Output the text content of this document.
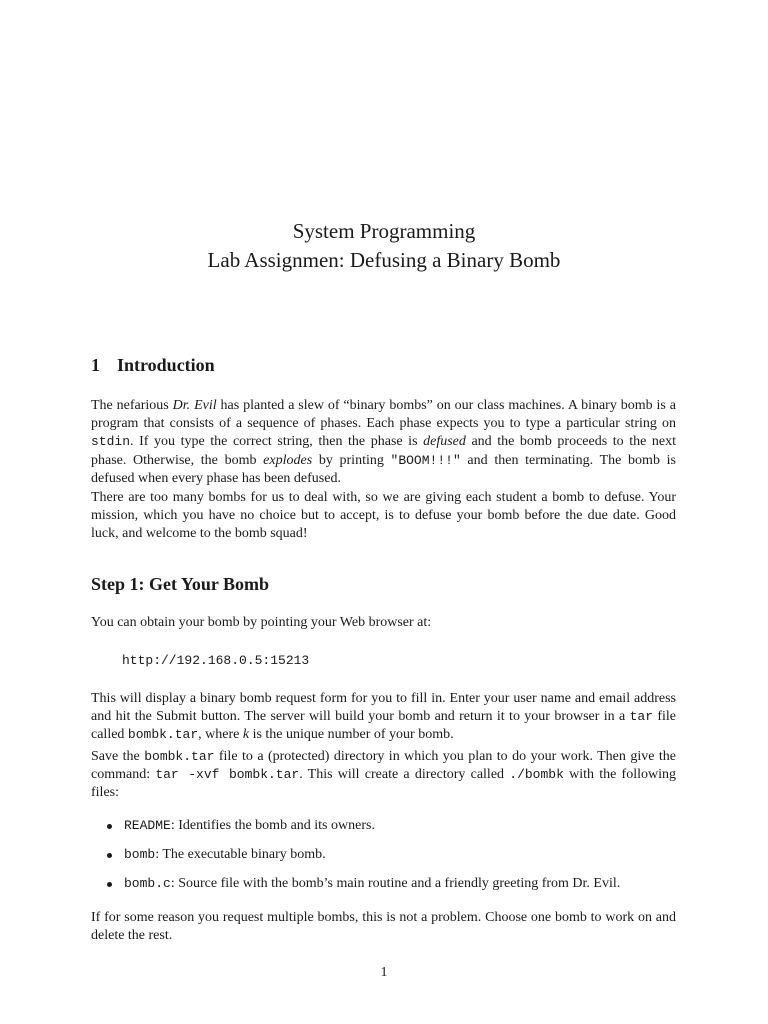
System Programming
Lab Assignmen: Defusing a Binary Bomb
1 Introduction

The nefarious Dr. Evil has planted a slew of “binary bombs” on our class machines. A binary bomb is a program that consists of a sequence of phases. Each phase expects you to type a particular string on stdin. If you type the correct string, then the phase is defused and the bomb proceeds to the next phase. Otherwise, the bomb explodes by printing "BOOM!!!" and then terminating. The bomb is defused when every phase has been defused.

There are too many bombs for us to deal with, so we are giving each student a bomb to defuse. Your mission, which you have no choice but to accept, is to defuse your bomb before the due date. Good luck, and welcome to the bomb squad!

Step 1: Get Your Bomb

You can obtain your bomb by pointing your Web browser at:

http://192.168.0.5:15213

This will display a binary bomb request form for you to fill in. Enter your user name and email address and hit the Submit button. The server will build your bomb and return it to your browser in a tar file called bombk.tar, where k is the unique number of your bomb.

Save the bombk.tar file to a (protected) directory in which you plan to do your work. Then give the command: tar -xvf bombk.tar. This will create a directory called ./bombk with the following files:

README: Identifies the bomb and its owners.
bomb: The executable binary bomb.
bomb.c: Source file with the bomb’s main routine and a friendly greeting from Dr. Evil.

If for some reason you request multiple bombs, this is not a problem. Choose one bomb to work on and delete the rest.

1
